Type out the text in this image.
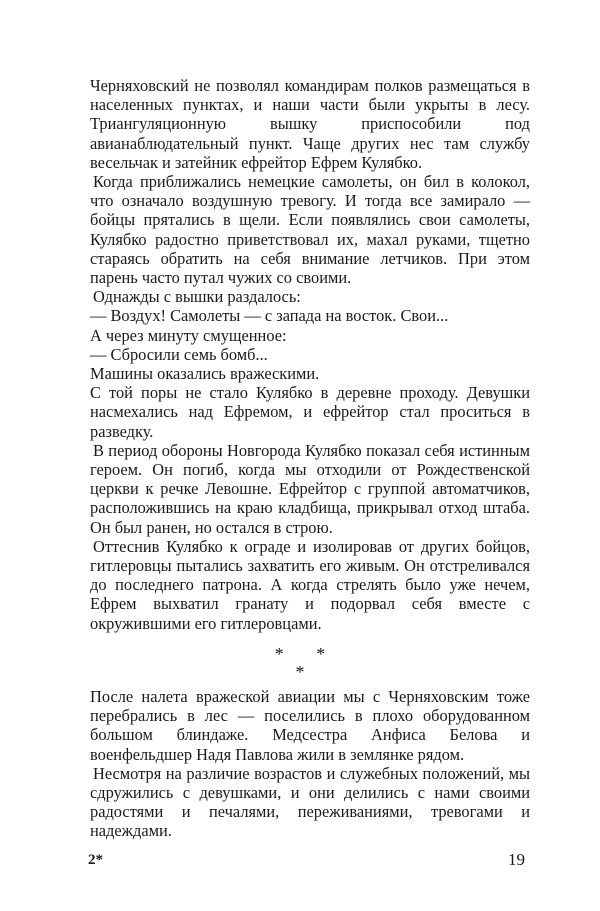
Черняховский не позволял командирам полков размещаться в населенных пунктах, и наши части были укрыты в лесу. Триангуляционную вышку приспособили под авианаблюдательный пункт. Чаще других нес там службу весельчак и затейник ефрейтор Ефрем Кулябко.

Когда приближались немецкие самолеты, он бил в колокол, что означало воздушную тревогу. И тогда все замирало — бойцы прятались в щели. Если появлялись свои самолеты, Кулябко радостно приветствовал их, махал руками, тщетно стараясь обратить на себя внимание летчиков. При этом парень часто путал чужих со своими.

Однажды с вышки раздалось:

— Воздух! Самолеты — с запада на восток. Свои...

А через минуту смущенное:

— Сбросили семь бомб...

Машины оказались вражескими.

С той поры не стало Кулябко в деревне проходу. Девушки насмехались над Ефремом, и ефрейтор стал проситься в разведку.

В период обороны Новгорода Кулябко показал себя истинным героем. Он погиб, когда мы отходили от Рождественской церкви к речке Левошне. Ефрейтор с группой автоматчиков, расположившись на краю кладбища, прикрывал отход штаба. Он был ранен, но остался в строю.

Оттеснив Кулябко к ограде и изолировав от других бойцов, гитлеровцы пытались захватить его живым. Он отстреливался до последнего патрона. А когда стрелять было уже нечем, Ефрем выхватил гранату и подорвал себя вместе с окружившими его гитлеровцами.

* *
*

После налета вражеской авиации мы с Черняховским тоже перебрались в лес — поселились в плохо оборудованном большом блиндаже. Медсестра Анфиса Белова и военфельдшер Надя Павлова жили в землянке рядом.

Несмотря на различие возрастов и служебных положений, мы сдружились с девушками, и они делились с нами своими радостями и печалями, переживаниями, тревогами и надеждами.

2*	19
